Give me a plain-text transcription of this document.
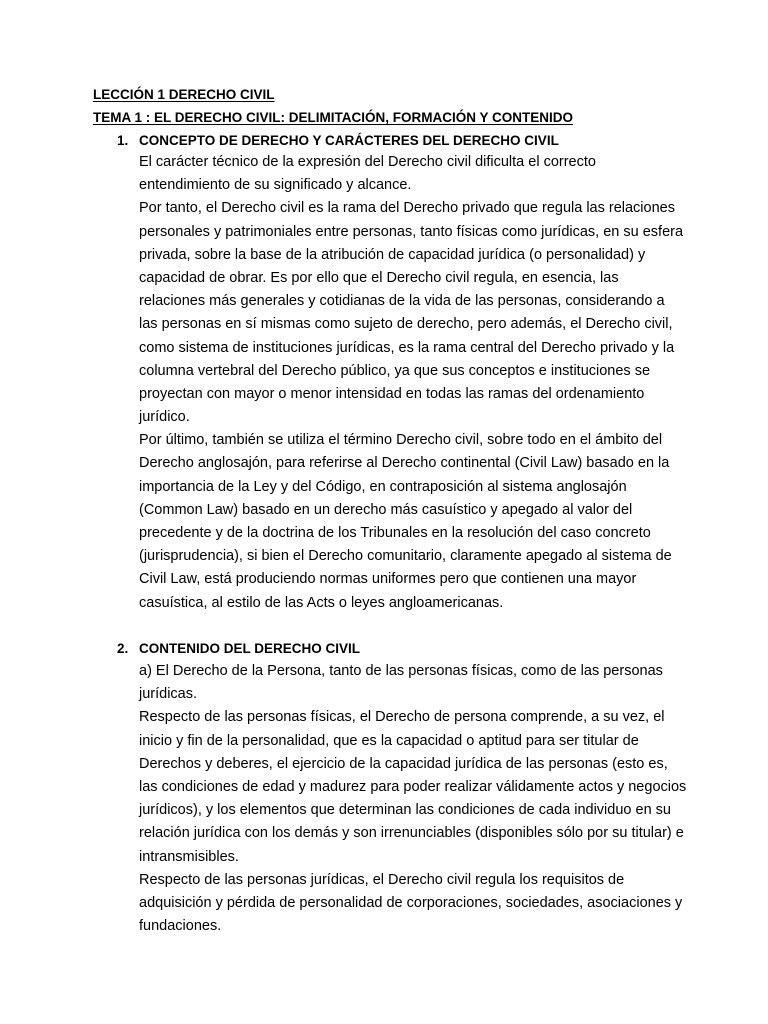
LECCIÓN 1 DERECHO CIVIL
TEMA 1 : EL DERECHO CIVIL: DELIMITACIÓN, FORMACIÓN Y CONTENIDO
1. CONCEPTO DE DERECHO Y CARÁCTERES DEL DERECHO CIVIL
El carácter técnico de la expresión del Derecho civil dificulta el correcto
entendimiento de su significado y alcance.
Por tanto, el Derecho civil es la rama del Derecho privado que regula las relaciones
personales y patrimoniales entre personas, tanto físicas como jurídicas, en su esfera
privada, sobre la base de la atribución de capacidad jurídica (o personalidad) y
capacidad de obrar. Es por ello que el Derecho civil regula, en esencia, las
relaciones más generales y cotidianas de la vida de las personas, considerando a
las personas en sí mismas como sujeto de derecho, pero además, el Derecho civil,
como sistema de instituciones jurídicas, es la rama central del Derecho privado y la
columna vertebral del Derecho público, ya que sus conceptos e instituciones se
proyectan con mayor o menor intensidad en todas las ramas del ordenamiento
jurídico.
Por último, también se utiliza el término Derecho civil, sobre todo en el ámbito del
Derecho anglosajón, para referirse al Derecho continental (Civil Law) basado en la
importancia de la Ley y del Código, en contraposición al sistema anglosajón
(Common Law) basado en un derecho más casuístico y apegado al valor del
precedente y de la doctrina de los Tribunales en la resolución del caso concreto
(jurisprudencia), si bien el Derecho comunitario, claramente apegado al sistema de
Civil Law, está produciendo normas uniformes pero que contienen una mayor
casuística, al estilo de las Acts o leyes angloamericanas.
2. CONTENIDO DEL DERECHO CIVIL
a) El Derecho de la Persona, tanto de las personas físicas, como de las personas
jurídicas.
Respecto de las personas físicas, el Derecho de persona comprende, a su vez, el
inicio y fin de la personalidad, que es la capacidad o aptitud para ser titular de
Derechos y deberes, el ejercicio de la capacidad jurídica de las personas (esto es,
las condiciones de edad y madurez para poder realizar válidamente actos y negocios
jurídicos), y los elementos que determinan las condiciones de cada individuo en su
relación jurídica con los demás y son irrenunciables (disponibles sólo por su titular) e
intransmisibles.
Respecto de las personas jurídicas, el Derecho civil regula los requisitos de
adquisición y pérdida de personalidad de corporaciones, sociedades, asociaciones y
fundaciones.
